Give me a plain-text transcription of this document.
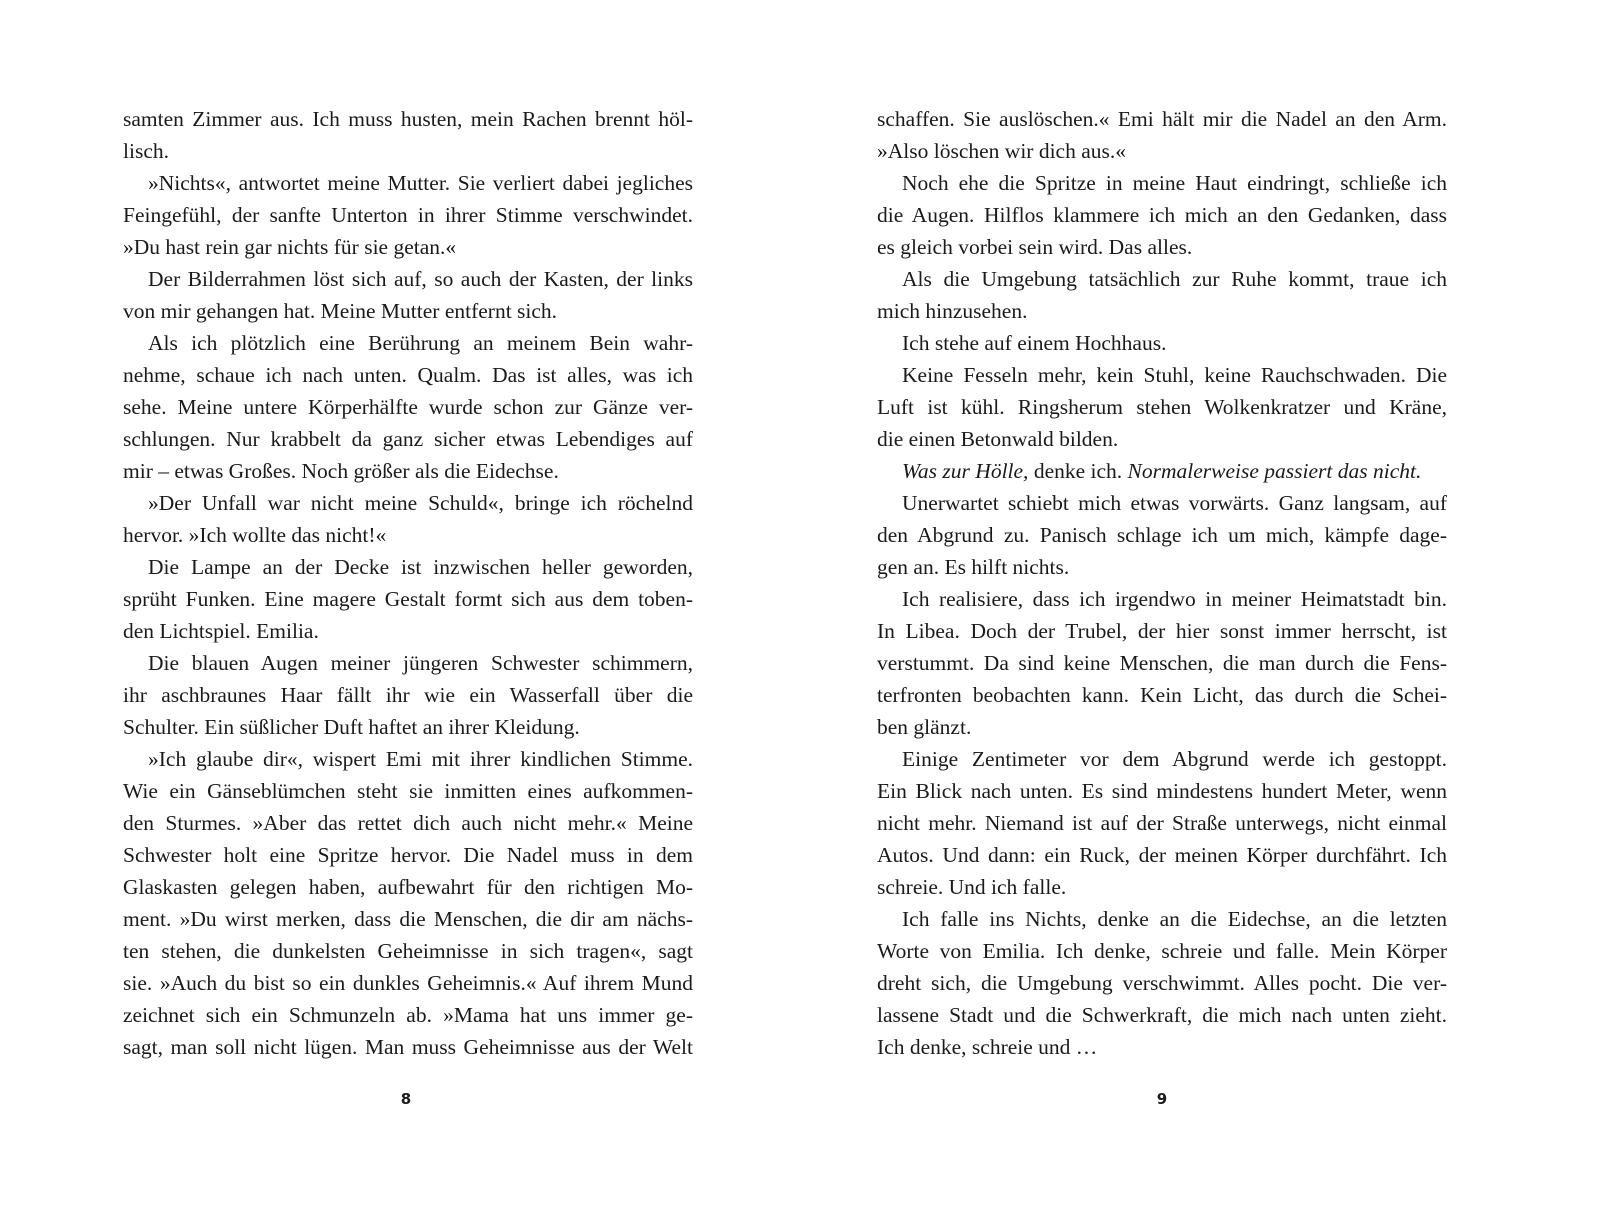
samten Zimmer aus. Ich muss husten, mein Rachen brennt höl-
lisch.
»Nichts«, antwortet meine Mutter. Sie verliert dabei jegliches
Feingefühl, der sanfte Unterton in ihrer Stimme verschwindet.
»Du hast rein gar nichts für sie getan.«
Der Bilderrahmen löst sich auf, so auch der Kasten, der links
von mir gehangen hat. Meine Mutter entfernt sich.
Als ich plötzlich eine Berührung an meinem Bein wahr-
nehme, schaue ich nach unten. Qualm. Das ist alles, was ich
sehe. Meine untere Körperhälfte wurde schon zur Gänze ver-
schlungen. Nur krabbelt da ganz sicher etwas Lebendiges auf
mir – etwas Großes. Noch größer als die Eidechse.
»Der Unfall war nicht meine Schuld«, bringe ich röchelnd
hervor. »Ich wollte das nicht!«
Die Lampe an der Decke ist inzwischen heller geworden,
sprüht Funken. Eine magere Gestalt formt sich aus dem toben-
den Lichtspiel. Emilia.
Die blauen Augen meiner jüngeren Schwester schimmern,
ihr aschbraunes Haar fällt ihr wie ein Wasserfall über die
Schulter. Ein süßlicher Duft haftet an ihrer Kleidung.
»Ich glaube dir«, wispert Emi mit ihrer kindlichen Stimme.
Wie ein Gänseblümchen steht sie inmitten eines aufkommen-
den Sturmes. »Aber das rettet dich auch nicht mehr.« Meine
Schwester holt eine Spritze hervor. Die Nadel muss in dem
Glaskasten gelegen haben, aufbewahrt für den richtigen Mo-
ment. »Du wirst merken, dass die Menschen, die dir am nächs-
ten stehen, die dunkelsten Geheimnisse in sich tragen«, sagt
sie. »Auch du bist so ein dunkles Geheimnis.« Auf ihrem Mund
zeichnet sich ein Schmunzeln ab. »Mama hat uns immer ge-
sagt, man soll nicht lügen. Man muss Geheimnisse aus der Welt
8
schaffen. Sie auslöschen.« Emi hält mir die Nadel an den Arm.
»Also löschen wir dich aus.«
Noch ehe die Spritze in meine Haut eindringt, schließe ich
die Augen. Hilflos klammere ich mich an den Gedanken, dass
es gleich vorbei sein wird. Das alles.
Als die Umgebung tatsächlich zur Ruhe kommt, traue ich
mich hinzusehen.
Ich stehe auf einem Hochhaus.
Keine Fesseln mehr, kein Stuhl, keine Rauchschwaden. Die
Luft ist kühl. Ringsherum stehen Wolkenkratzer und Kräne,
die einen Betonwald bilden.
Was zur Hölle, denke ich. Normalerweise passiert das nicht.
Unerwartet schiebt mich etwas vorwärts. Ganz langsam, auf
den Abgrund zu. Panisch schlage ich um mich, kämpfe dage-
gen an. Es hilft nichts.
Ich realisiere, dass ich irgendwo in meiner Heimatstadt bin.
In Libea. Doch der Trubel, der hier sonst immer herrscht, ist
verstummt. Da sind keine Menschen, die man durch die Fens-
terfronten beobachten kann. Kein Licht, das durch die Schei-
ben glänzt.
Einige Zentimeter vor dem Abgrund werde ich gestoppt.
Ein Blick nach unten. Es sind mindestens hundert Meter, wenn
nicht mehr. Niemand ist auf der Straße unterwegs, nicht einmal
Autos. Und dann: ein Ruck, der meinen Körper durchfährt. Ich
schreie. Und ich falle.
Ich falle ins Nichts, denke an die Eidechse, an die letzten
Worte von Emilia. Ich denke, schreie und falle. Mein Körper
dreht sich, die Umgebung verschwimmt. Alles pocht. Die ver-
lassene Stadt und die Schwerkraft, die mich nach unten zieht.
Ich denke, schreie und …
9
